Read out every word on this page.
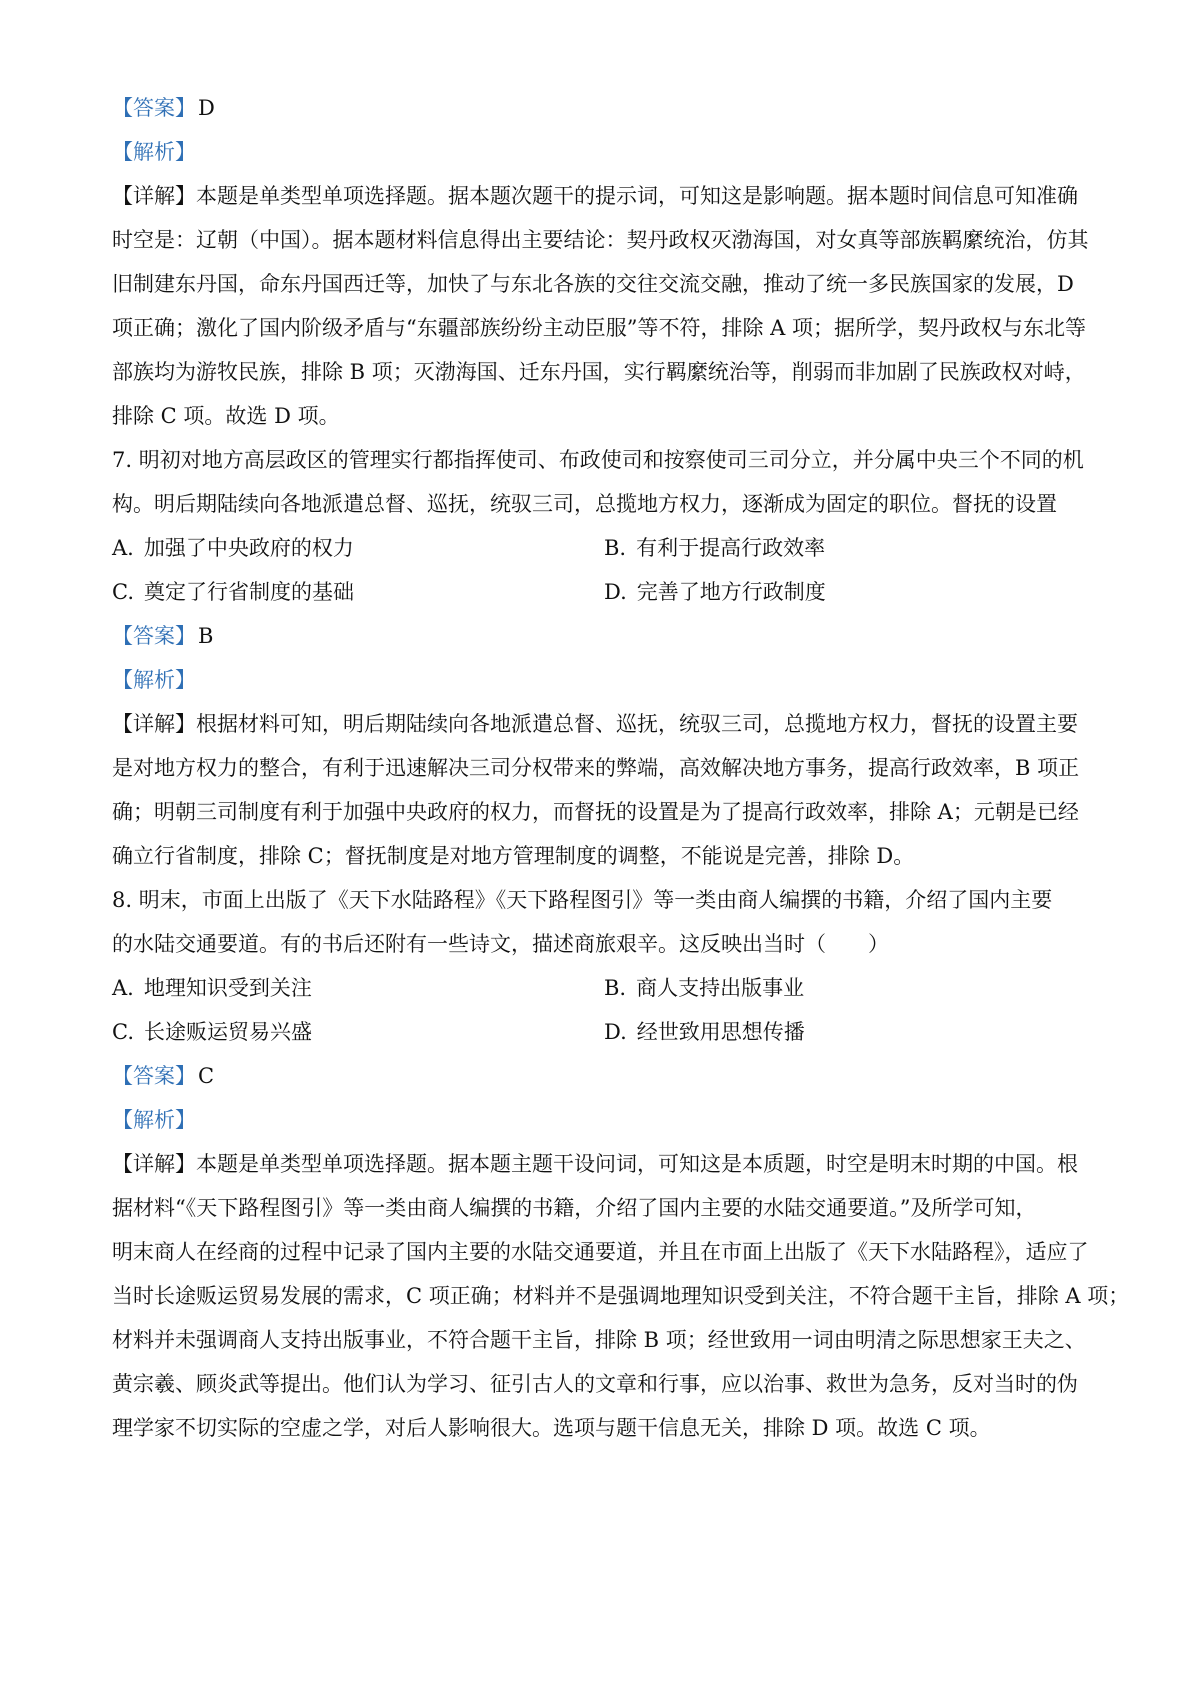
【答案】D
【解析】
【详解】本题是单类型单项选择题。据本题次题干的提示词，可知这是影响题。据本题时间信息可知准确
时空是：辽朝（中国）。据本题材料信息得出主要结论：契丹政权灭渤海国，对女真等部族羁縻统治，仿其
旧制建东丹国，命东丹国西迁等，加快了与东北各族的交往交流交融，推动了统一多民族国家的发展，D
项正确；激化了国内阶级矛盾与“东疆部族纷纷主动臣服”等不符，排除 A 项；据所学，契丹政权与东北等
部族均为游牧民族，排除 B 项；灭渤海国、迁东丹国，实行羁縻统治等，削弱而非加剧了民族政权对峙，
排除 C 项。故选 D 项。
7. 明初对地方高层政区的管理实行都指挥使司、布政使司和按察使司三司分立，并分属中央三个不同的机
构。明后期陆续向各地派遣总督、巡抚，统驭三司，总揽地方权力，逐渐成为固定的职位。督抚的设置
A. 加强了中央政府的权力	B. 有利于提高行政效率
C. 奠定了行省制度的基础	D. 完善了地方行政制度
【答案】B
【解析】
【详解】根据材料可知，明后期陆续向各地派遣总督、巡抚，统驭三司，总揽地方权力，督抚的设置主要
是对地方权力的整合，有利于迅速解决三司分权带来的弊端，高效解决地方事务，提高行政效率，B 项正
确；明朝三司制度有利于加强中央政府的权力，而督抚的设置是为了提高行政效率，排除 A；元朝是已经
确立行省制度，排除 C；督抚制度是对地方管理制度的调整，不能说是完善，排除 D。
8. 明末，市面上出版了《天下水陆路程》《天下路程图引》等一类由商人编撰的书籍，介绍了国内主要
的水陆交通要道。有的书后还附有一些诗文，描述商旅艰辛。这反映出当时（　　）
A. 地理知识受到关注	B. 商人支持出版事业
C. 长途贩运贸易兴盛	D. 经世致用思想传播
【答案】C
【解析】
【详解】本题是单类型单项选择题。据本题主题干设问词，可知这是本质题，时空是明末时期的中国。根
据材料“《天下路程图引》等一类由商人编撰的书籍，介绍了国内主要的水陆交通要道。”及所学可知，
明末商人在经商的过程中记录了国内主要的水陆交通要道，并且在市面上出版了《天下水陆路程》，适应了
当时长途贩运贸易发展的需求，C 项正确；材料并不是强调地理知识受到关注，不符合题干主旨，排除 A 项；
材料并未强调商人支持出版事业，不符合题干主旨，排除 B 项；经世致用一词由明清之际思想家王夫之、
黄宗羲、顾炎武等提出。他们认为学习、征引古人的文章和行事，应以治事、救世为急务，反对当时的伪
理学家不切实际的空虚之学，对后人影响很大。选项与题干信息无关，排除 D 项。故选 C 项。
